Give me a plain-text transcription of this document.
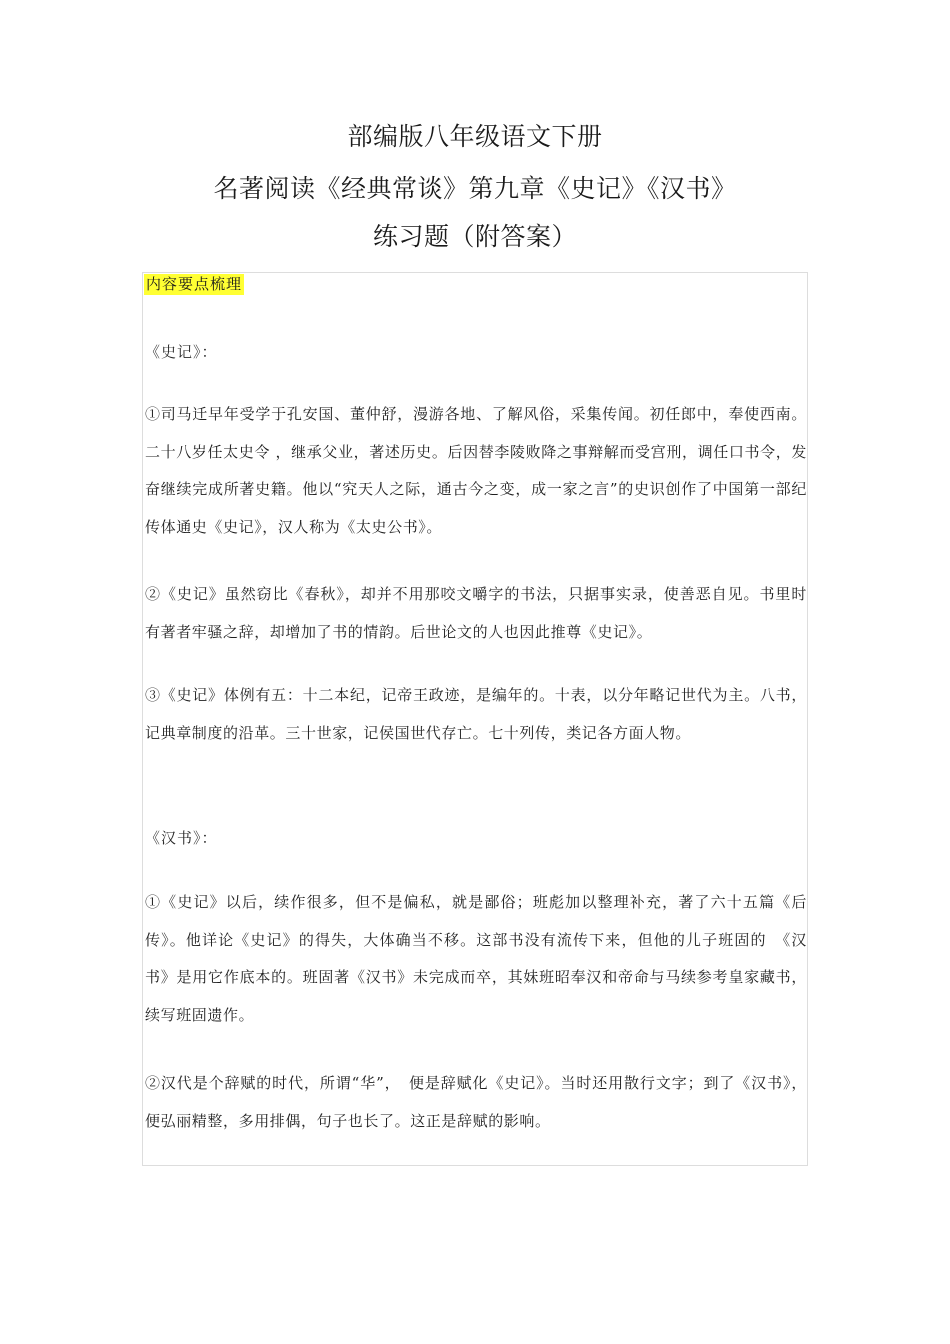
部编版八年级语文下册
名著阅读《经典常谈》第九章《史记》《汉书》
练习题（附答案）
内容要点梳理
《史记》：

①司马迁早年受学于孔安国、董仲舒，漫游各地、了解风俗，采集传闻。初任郎中，奉使西南。二十八岁任太史令 ，继承父业，著述历史。后因替李陵败降之事辩解而受宫刑，调任口书令，发奋继续完成所著史籍。他以“究天人之际，通古今之变，成一家之言”的史识创作了中国第一部纪传体通史《史记》，汉人称为《太史公书》。

②《史记》虽然窃比《春秋》，却并不用那咬文嚼字的书法，只据事实录，使善恶自见。书里时有著者牢骚之辞，却增加了书的情韵。后世论文的人也因此推尊《史记》。

③《史记》体例有五：十二本纪，记帝王政迹，是编年的。十表，以分年略记世代为主。八书，记典章制度的沿革。三十世家，记侯国世代存亡。七十列传，类记各方面人物。

《汉书》：

①《史记》以后，续作很多，但不是偏私，就是鄙俗；班彪加以整理补充，著了六十五篇《后传》。他详论《史记》的得失，大体确当不移。这部书没有流传下来，但他的儿子班固的　《汉书》是用它作底本的。班固著《汉书》未完成而卒，其妹班昭奉汉和帝命与马续参考皇家藏书，续写班固遗作。

②汉代是个辞赋的时代，所谓“华”，　便是辞赋化《史记》。当时还用散行文字；到了《汉书》，便弘丽精整，多用排偶，句子也长了。这正是辞赋的影响。
